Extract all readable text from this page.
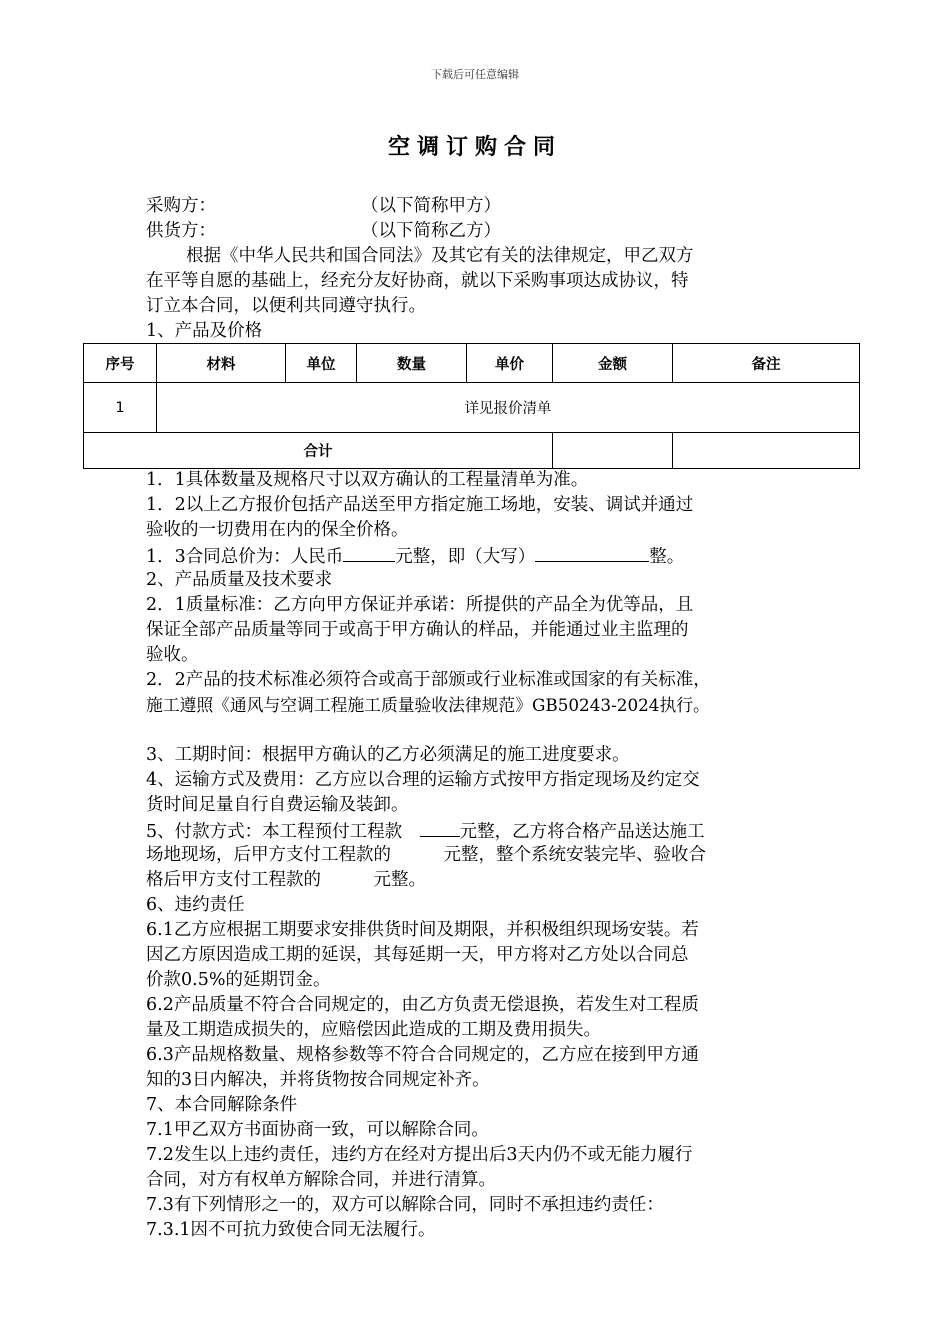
下载后可任意编辑
空调订购合同
采购方：	（以下简称甲方）
供货方：	（以下简称乙方）
根据《中华人民共和国合同法》及其它有关的法律规定，甲乙双方
在平等自愿的基础上，经充分友好协商，就以下采购事项达成协议，特
订立本合同，以便利共同遵守执行。
1、产品及价格
序号	材料	单位	数量	单价	金额	备注
1	详见报价清单					
合计						
1．1具体数量及规格尺寸以双方确认的工程量清单为准。
1．2以上乙方报价包括产品送至甲方指定施工场地，安装、调试并通过
验收的一切费用在内的保全价格。
1．3合同总价为：人民币	元整，即（大写）	整。
2、产品质量及技术要求
2．1质量标准：乙方向甲方保证并承诺：所提供的产品全为优等品，且
保证全部产品质量等同于或高于甲方确认的样品，并能通过业主监理的
验收。
2．2产品的技术标准必须符合或高于部颁或行业标准或国家的有关标准，
施工遵照《通风与空调工程施工质量验收法律规范》GB50243-2024执行。
3、工期时间：根据甲方确认的乙方必须满足的施工进度要求。
4、运输方式及费用：乙方应以合理的运输方式按甲方指定现场及约定交
货时间足量自行自费运输及装卸。
5、付款方式：本工程预付工程款　元整，乙方将合格产品送达施工
场地现场，后甲方支付工程款的　　　元整，整个系统安装完毕、验收合
格后甲方支付工程款的　　　元整。
6、违约责任
6.1乙方应根据工期要求安排供货时间及期限，并积极组织现场安装。若
因乙方原因造成工期的延误，其每延期一天，甲方将对乙方处以合同总
价款0.5%的延期罚金。
6.2产品质量不符合合同规定的，由乙方负责无偿退换，若发生对工程质
量及工期造成损失的，应赔偿因此造成的工期及费用损失。
6.3产品规格数量、规格参数等不符合合同规定的，乙方应在接到甲方通
知的3日内解决，并将货物按合同规定补齐。
7、本合同解除条件
7.1甲乙双方书面协商一致，可以解除合同。
7.2发生以上违约责任，违约方在经对方提出后3天内仍不或无能力履行
合同，对方有权单方解除合同，并进行清算。
7.3有下列情形之一的，双方可以解除合同，同时不承担违约责任：
7.3.1因不可抗力致使合同无法履行。
